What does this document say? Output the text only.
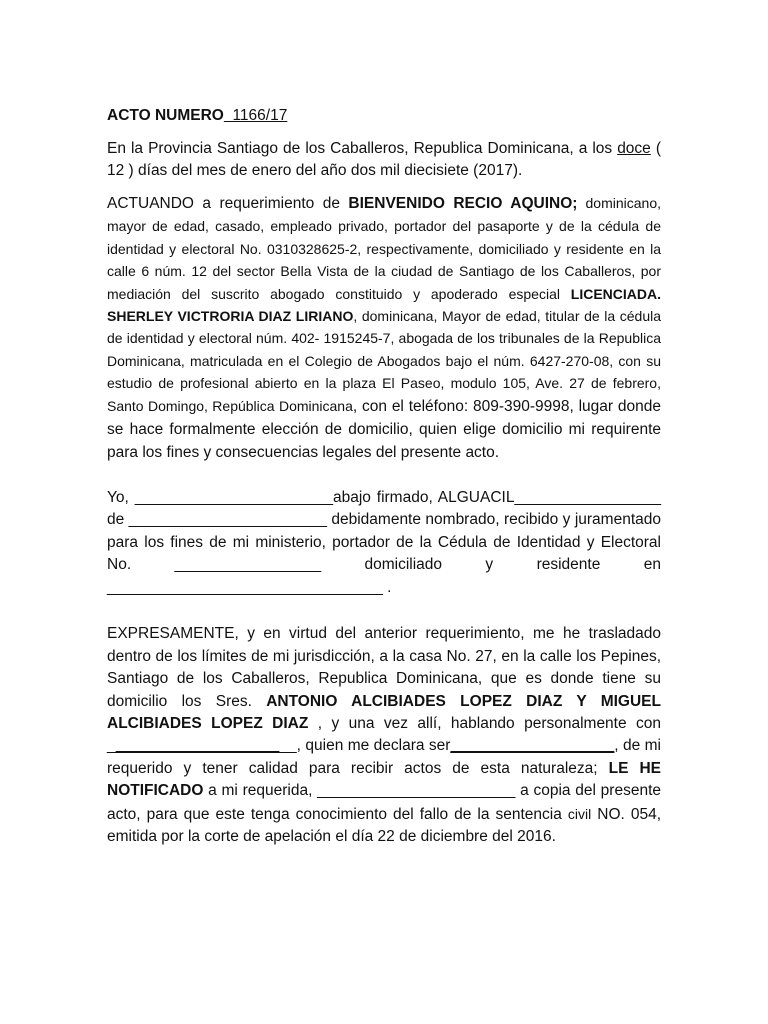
ACTO NUMERO 1166/17

En la Provincia Santiago de los Caballeros, Republica Dominicana, a los doce ( 12 ) días del mes de enero del año dos mil diecisiete (2017).

ACTUANDO a requerimiento de BIENVENIDO RECIO AQUINO; dominicano, mayor de edad, casado, empleado privado, portador del pasaporte y de la cédula de identidad y electoral No. 0310328625-2, respectivamente, domiciliado y residente en la calle 6 núm. 12 del sector Bella Vista de la ciudad de Santiago de los Caballeros, por mediación del suscrito abogado constituido y apoderado especial LICENCIADA. SHERLEY VICTRORIA DIAZ LIRIANO, dominicana, Mayor de edad, titular de la cédula de identidad y electoral núm. 402- 1915245-7, abogada de los tribunales de la Republica Dominicana, matriculada en el Colegio de Abogados bajo el núm. 6427-270-08, con su estudio de profesional abierto en la plaza El Paseo, modulo 105, Ave. 27 de febrero, Santo Domingo, República Dominicana, con el teléfono: 809-390-9998, lugar donde se hace formalmente elección de domicilio, quien elige domicilio mi requirente para los fines y consecuencias legales del presente acto.

Yo, _______________________abajo firmado, ALGUACIL_________________ de _______________________ debidamente nombrado, recibido y juramentado para los fines de mi ministerio, portador de la Cédula de Identidad y Electoral No. _________________ domiciliado y residente en ________________________________ .

EXPRESAMENTE, y en virtud del anterior requerimiento, me he trasladado dentro de los límites de mi jurisdicción, a la casa No. 27, en la calle los Pepines, Santiago de los Caballeros, Republica Dominicana, que es donde tiene su domicilio los Sres. ANTONIO ALCIBIADES LOPEZ DIAZ Y MIGUEL ALCIBIADES LOPEZ DIAZ , y una vez allí, hablando personalmente con ______________________, quien me declara ser___________________, de mi requerido y tener calidad para recibir actos de esta naturaleza; LE HE NOTIFICADO a mi requerida, _______________________ a copia del presente acto, para que este tenga conocimiento del fallo de la sentencia civil NO. 054, emitida por la corte de apelación el día 22 de diciembre del 2016.
